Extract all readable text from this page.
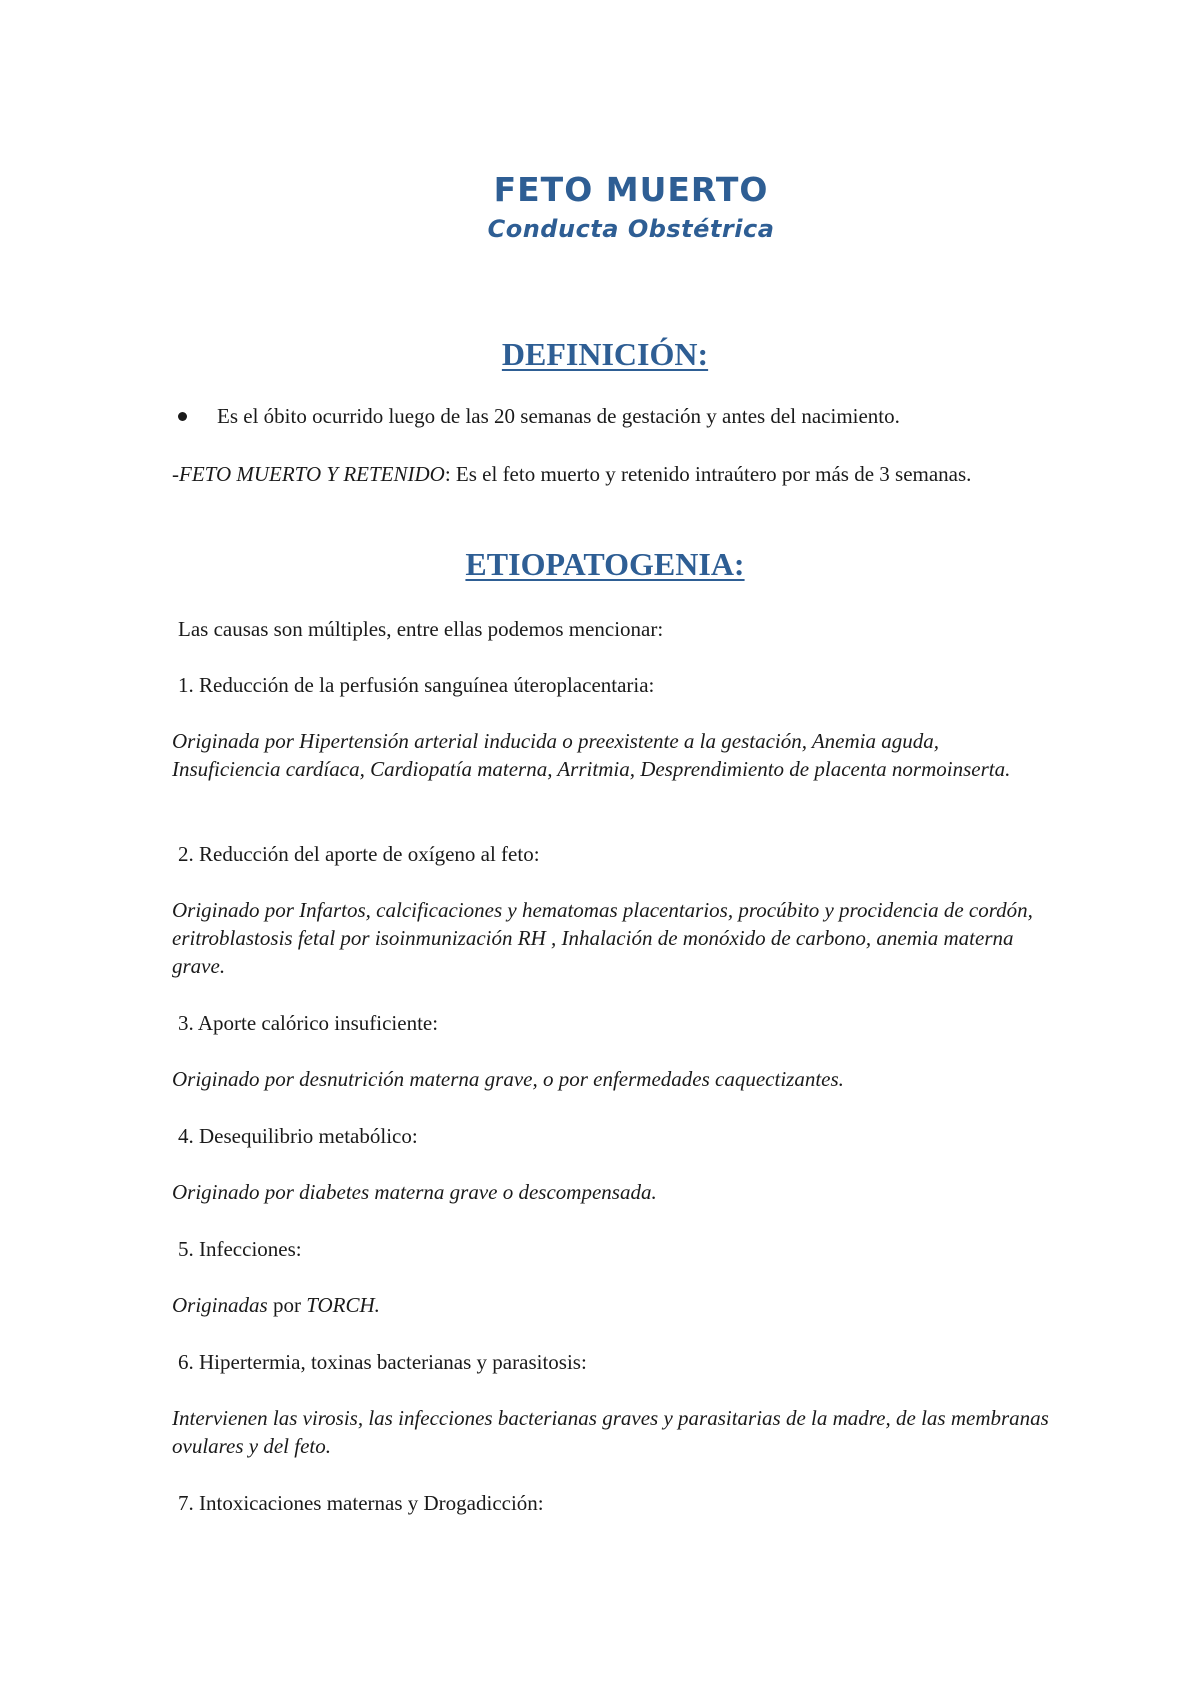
FETO MUERTO
Conducta Obstétrica
DEFINICIÓN:
Es el óbito ocurrido luego de las 20 semanas de gestación y antes del nacimiento.
-FETO MUERTO Y RETENIDO: Es el feto muerto y retenido intraútero por más de 3 semanas.
ETIOPATOGENIA:
Las causas son múltiples, entre ellas podemos mencionar:
1. Reducción de la perfusión sanguínea úteroplacentaria:
Originada por Hipertensión arterial inducida o preexistente a la gestación, Anemia aguda, Insuficiencia cardíaca, Cardiopatía materna, Arritmia, Desprendimiento de placenta normoinserta.
2. Reducción del aporte de oxígeno al feto:
Originado por Infartos, calcificaciones y hematomas placentarios, procúbito y procidencia de cordón, eritroblastosis fetal por isoinmunización RH , Inhalación de monóxido de carbono, anemia materna grave.
3. Aporte calórico insuficiente:
Originado por desnutrición materna grave, o por enfermedades caquectizantes.
4. Desequilibrio metabólico:
Originado por diabetes materna grave o descompensada.
5. Infecciones:
Originadas por TORCH.
6. Hipertermia, toxinas bacterianas y parasitosis:
Intervienen las virosis, las infecciones bacterianas graves y parasitarias de la madre, de las membranas ovulares y del feto.
7. Intoxicaciones maternas y Drogadicción:
